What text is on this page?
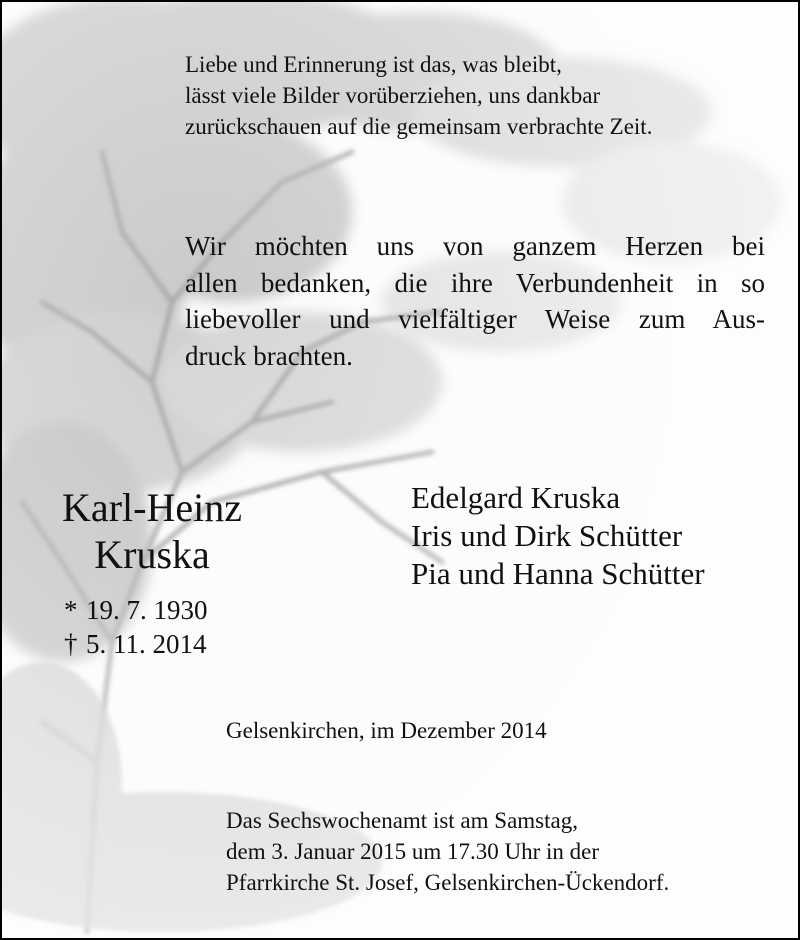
Liebe und Erinnerung ist das, was bleibt,
lässt viele Bilder vorüberziehen, uns dankbar
zurückschauen auf die gemeinsam verbrachte Zeit.
Wir möchten uns von ganzem Herzen bei
allen bedanken, die ihre Verbundenheit in so
liebevoller und vielfältiger Weise zum Aus-
druck brachten.
Karl-Heinz
Kruska
* 19. 7. 1930
† 5. 11. 2014
Edelgard Kruska
Iris und Dirk Schütter
Pia und Hanna Schütter
Gelsenkirchen, im Dezember 2014
Das Sechswochenamt ist am Samstag,
dem 3. Januar 2015 um 17.30 Uhr in der
Pfarrkirche St. Josef, Gelsenkirchen-Ückendorf.
